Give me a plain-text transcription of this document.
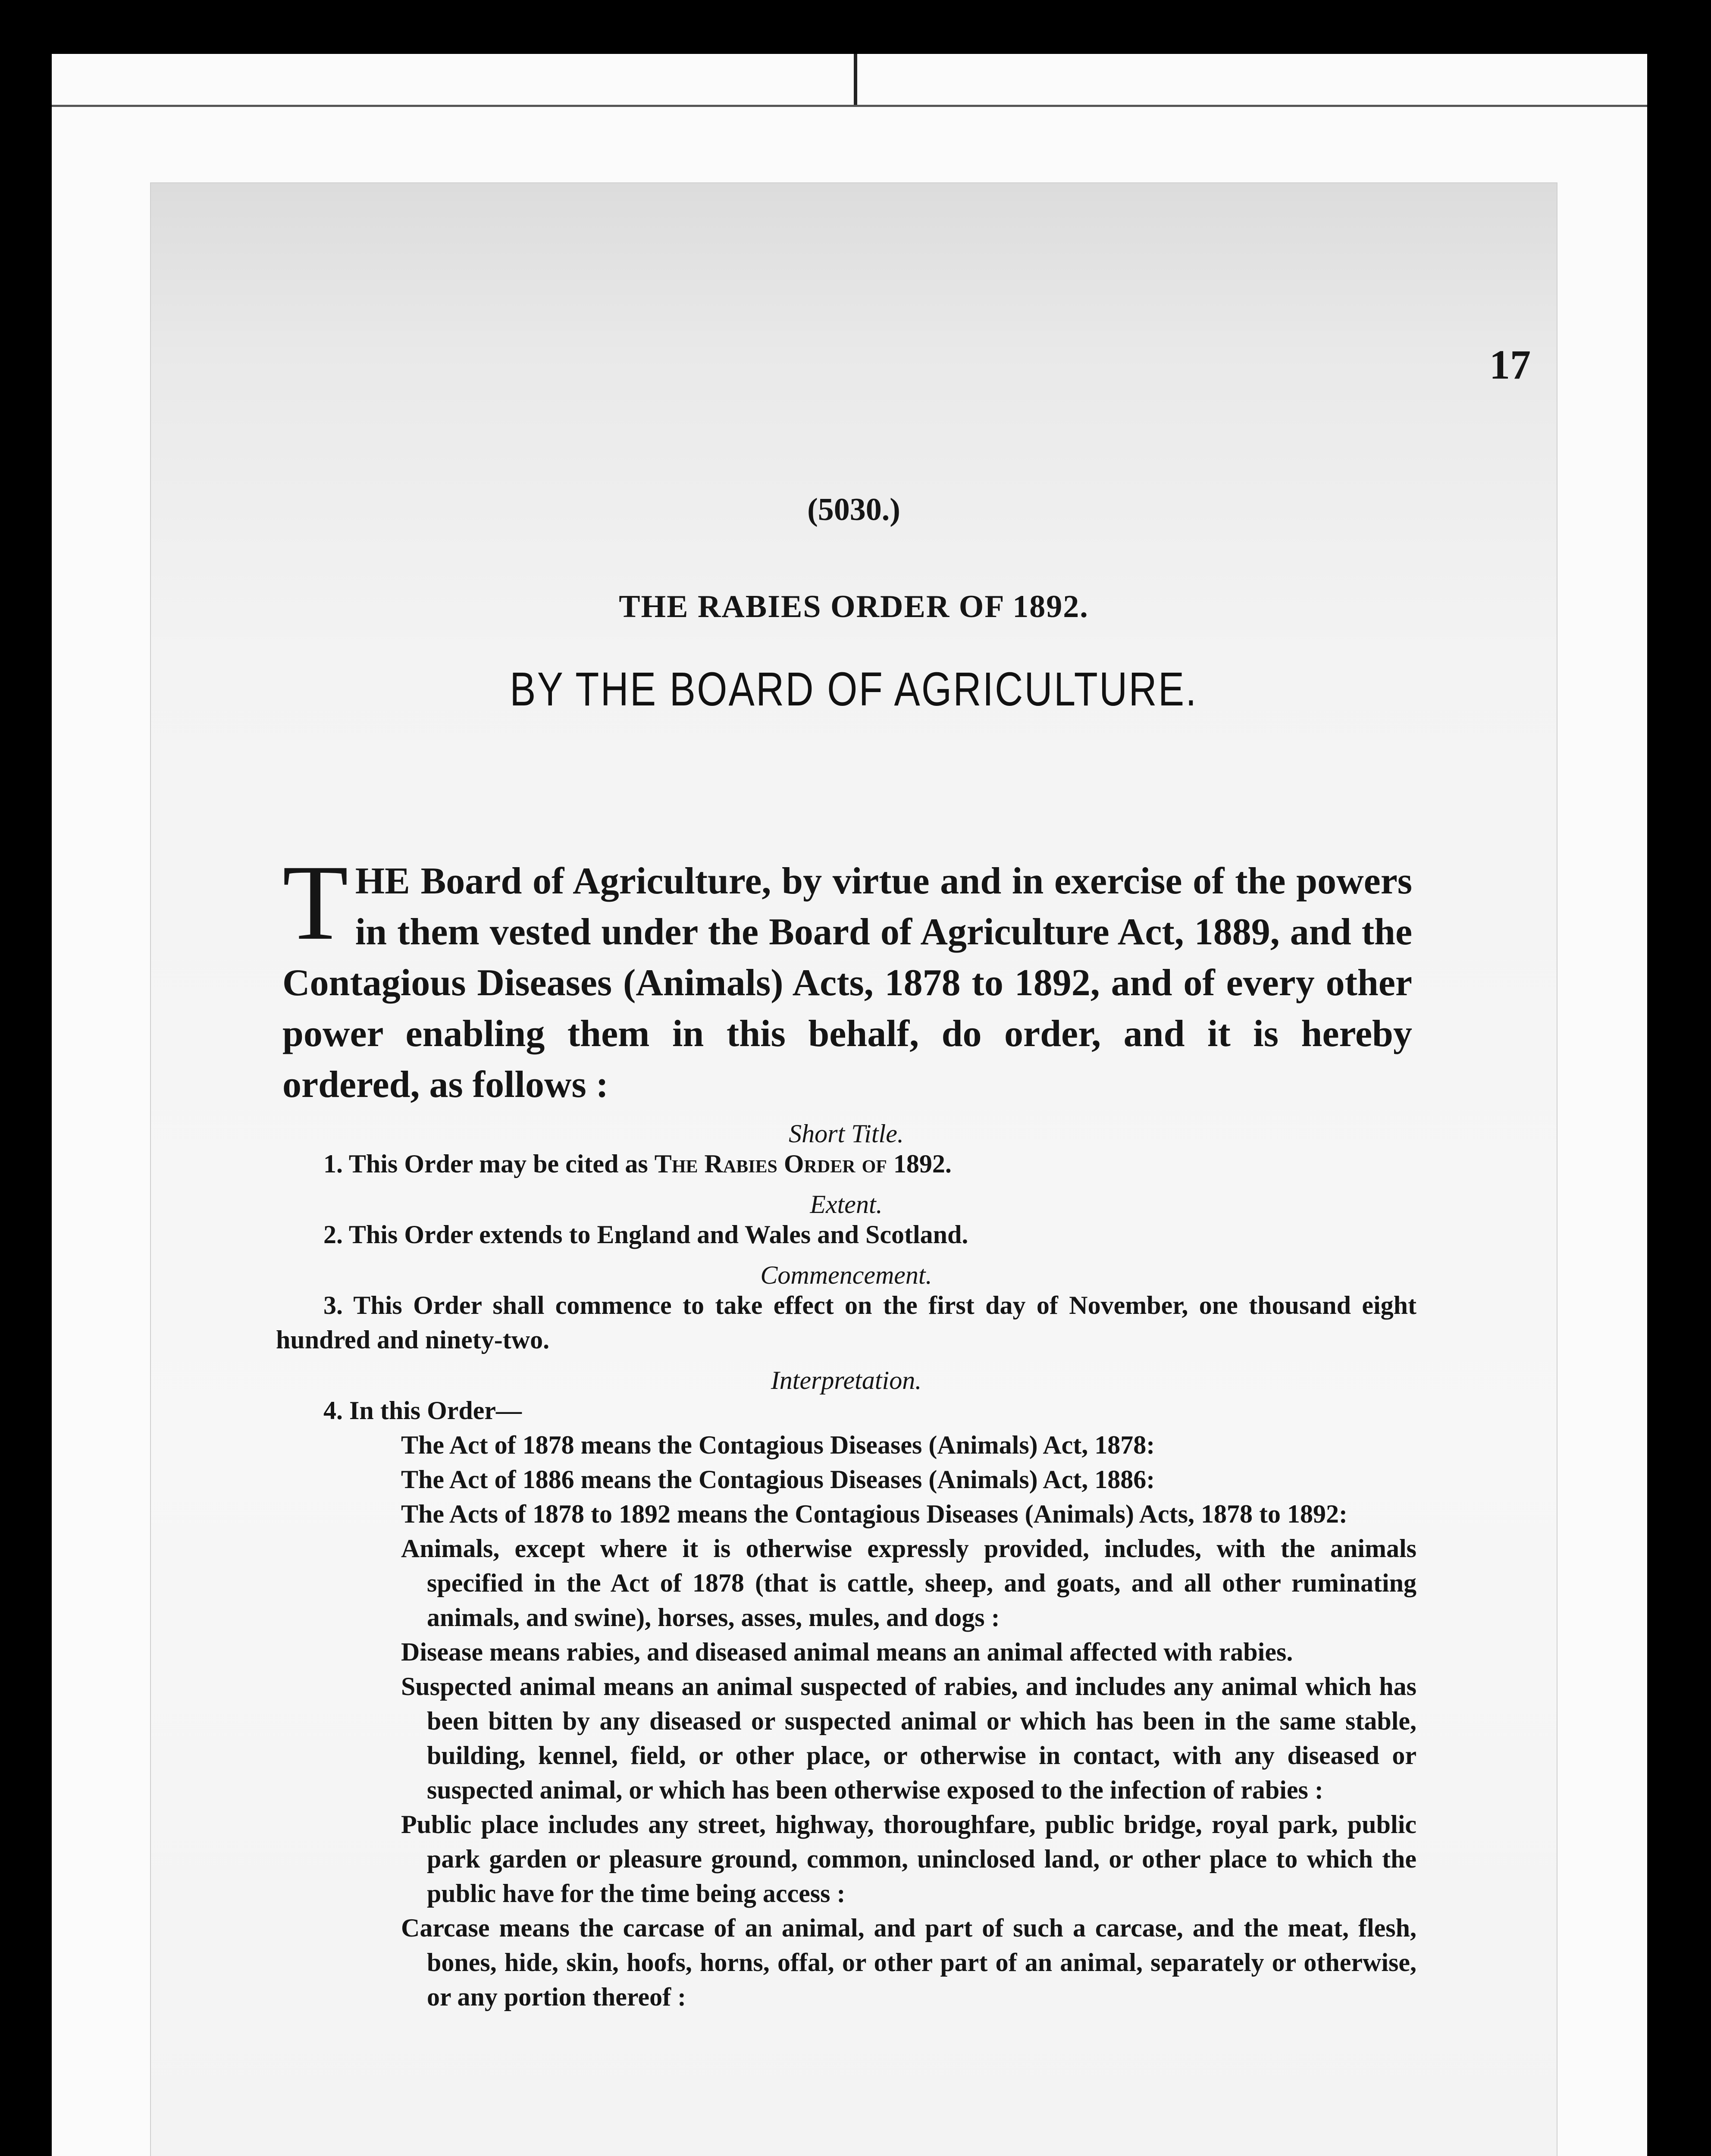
17
(5030.)
THE RABIES ORDER OF 1892.
BY THE BOARD OF AGRICULTURE.
T HE Board of Agriculture, by virtue and in exercise of the powers in them vested under the Board of Agriculture Act, 1889, and the Contagious Diseases (Animals) Acts, 1878 to 1892, and of every other power enabling them in this behalf, do order, and it is hereby ordered, as follows :

Short Title.

1. This Order may be cited as The Rabies Order of 1892.

Extent.

2. This Order extends to England and Wales and Scotland.

Commencement.

3. This Order shall commence to take effect on the first day of November, one thousand eight hundred and ninety-two.

Interpretation.

4. In this Order—

The Act of 1878 means the Contagious Diseases (Animals) Act, 1878:

The Act of 1886 means the Contagious Diseases (Animals) Act, 1886:

The Acts of 1878 to 1892 means the Contagious Diseases (Animals) Acts, 1878 to 1892:

Animals, except where it is otherwise expressly provided, includes, with the animals specified in the Act of 1878 (that is cattle, sheep, and goats, and all other ruminating animals, and swine), horses, asses, mules, and dogs :

Disease means rabies, and diseased animal means an animal affected with rabies.

Suspected animal means an animal suspected of rabies, and includes any animal which has been bitten by any diseased or suspected animal or which has been in the same stable, building, kennel, field, or other place, or otherwise in contact, with any diseased or suspected animal, or which has been otherwise exposed to the infection of rabies :

Public place includes any street, highway, thoroughfare, public bridge, royal park, public park garden or pleasure ground, common, uninclosed land, or other place to which the public have for the time being access :

Carcase means the carcase of an animal, and part of such a carcase, and the meat, flesh, bones, hide, skin, hoofs, horns, offal, or other part of an animal, separately or otherwise, or any portion thereof :
